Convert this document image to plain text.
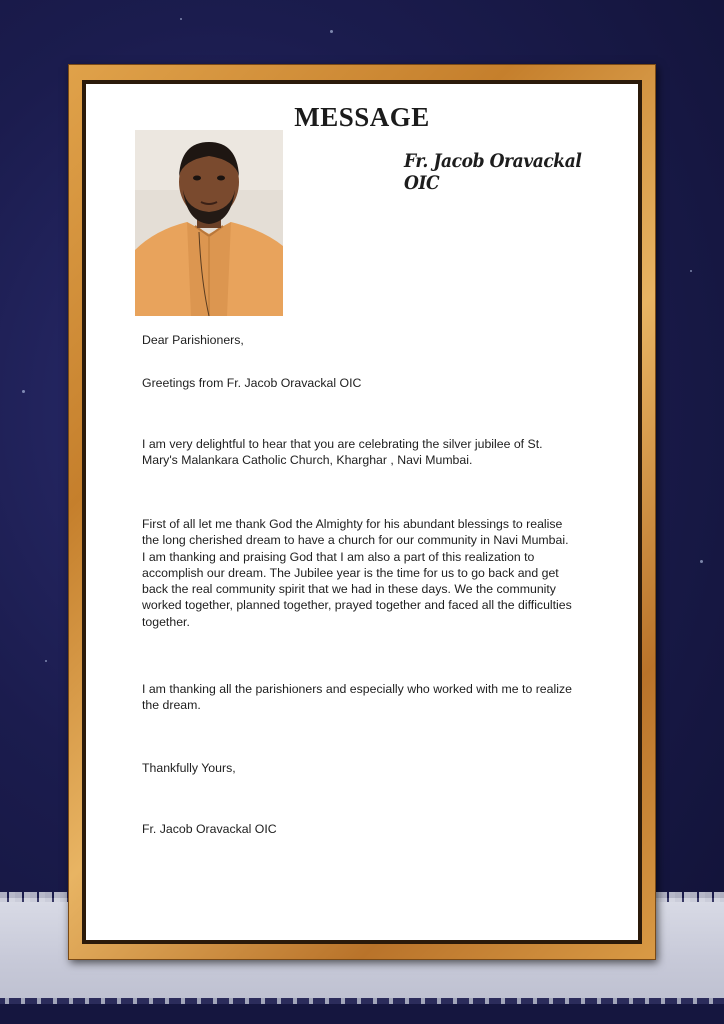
MESSAGE
Fr. Jacob Oravackal OIC

Dear Parishioners,

Greetings from Fr. Jacob Oravackal OIC

I am very delightful to hear that you are celebrating the silver jubilee of St. Mary's Malankara Catholic Church, Kharghar , Navi Mumbai.

First of all let me thank God the Almighty for his abundant blessings to realise the long cherished dream to have a church for our community in Navi Mumbai. I am thanking and praising God that I am also a part of this realization to accomplish our dream. The Jubilee year is the time for us to go back and get back the real community spirit that we had in these days. We the community worked together, planned together, prayed together and faced all the difficulties together.

I am thanking all the parishioners and especially who worked with me to realize the dream.

Thankfully Yours,

Fr. Jacob Oravackal OIC
